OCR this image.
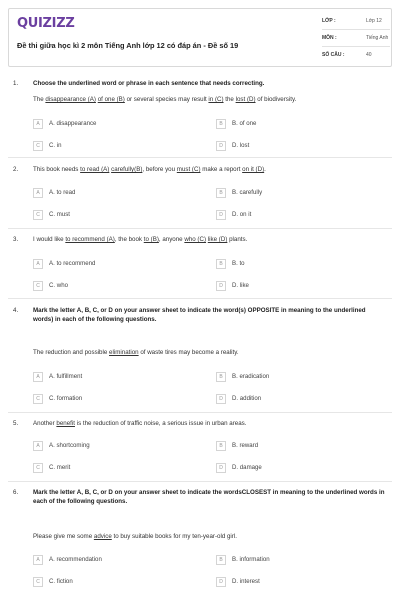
QUIZIZZ
Đề thi giữa học kì 2 môn Tiếng Anh lớp 12 có đáp án - Đề số 19
LỚP :	Lớp 12
MÔN :	Tiếng Anh
SỐ CÂU :	40
1. Choose the underlined word or phrase in each sentence that needs correcting.
The disappearance (A) of one (B) or several species may result in (C) the lost (D) of biodiversity.
A	A. disappearance	B	B. of one
C	C. in	D	D. lost
2. This book needs to read (A) carefully(B), before you must (C) make a report on it (D).
A	A. to read	B	B. carefully
C	C. must	D	D. on it
3. I would like to recommend (A), the book to (B), anyone who (C) like (D) plants.
A	A. to recommend	B	B. to
C	C. who	D	D. like
4. Mark the letter A, B, C, or D on your answer sheet to indicate the word(s) OPPOSITE in meaning to the underlined words) in each of the following questions.
The reduction and possible elimination of waste tires may become a reality.
A	A. fulfillment	B	B. eradication
C	C. formation	D	D. addition
5. Another benefit is the reduction of traffic noise, a serious issue in urban areas.
A	A. shortcoming	B	B. reward
C	C. merit	D	D. damage
6. Mark the letter A, B, C, or D on your answer sheet to indicate the wordsCLOSEST in meaning to the underlined words in each of the following questions.
Please give me some advice to buy suitable books for my ten-year-old girl.
A	A. recommendation	B	B. information
C	C. fiction	D	D. interest
